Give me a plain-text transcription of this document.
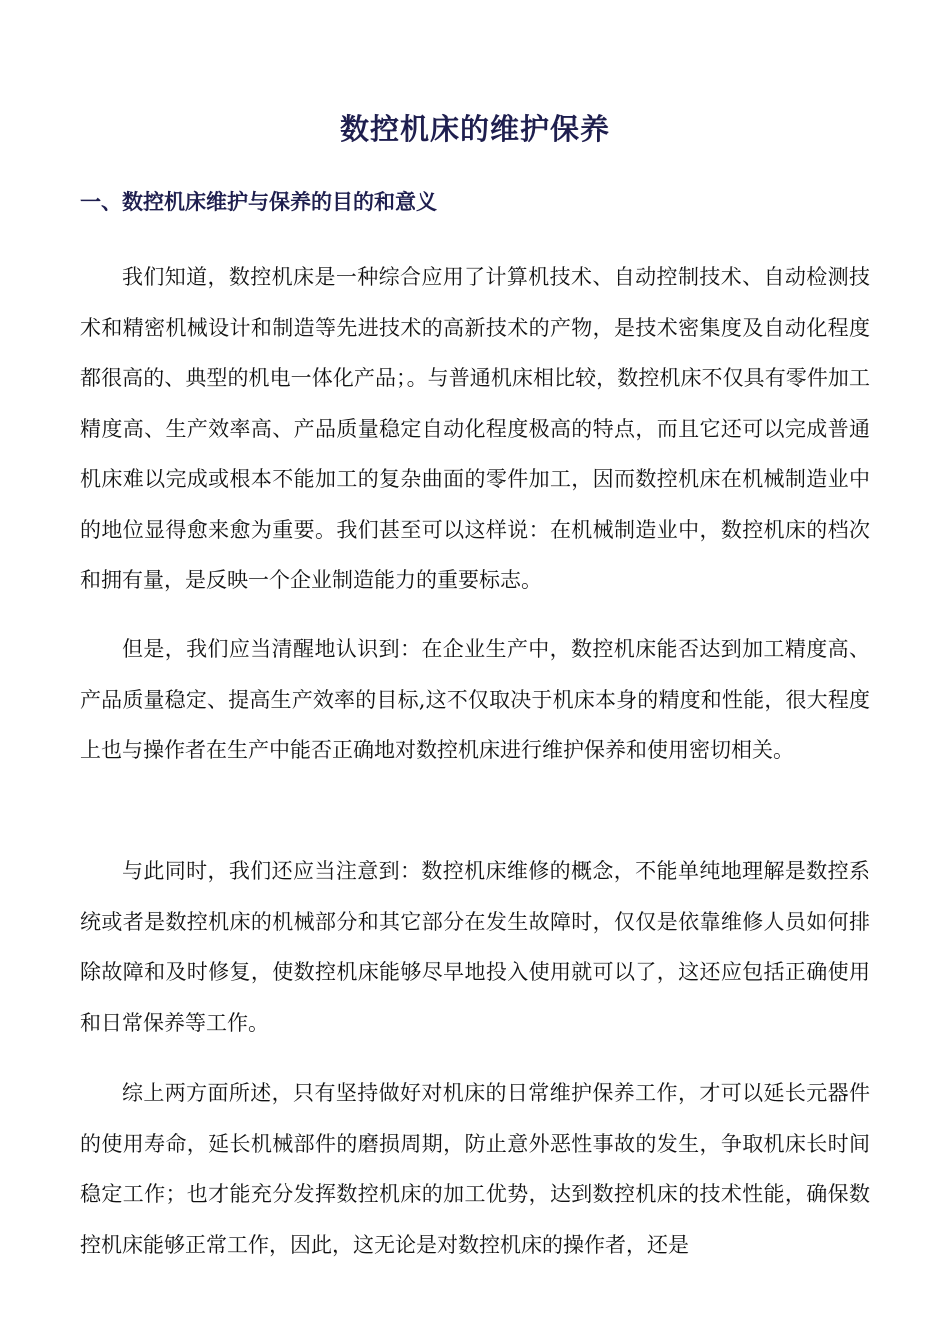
数控机床的维护保养
一、数控机床维护与保养的目的和意义

我们知道，数控机床是一种综合应用了计算机技术、自动控制技术、自动检测技术和精密机械设计和制造等先进技术的高新技术的产物，是技术密集度及自动化程度都很高的、典型的机电一体化产品；。与普通机床相比较，数控机床不仅具有零件加工精度高、生产效率高、产品质量稳定自动化程度极高的特点，而且它还可以完成普通机床难以完成或根本不能加工的复杂曲面的零件加工，因而数控机床在机械制造业中的地位显得愈来愈为重要。我们甚至可以这样说：在机械制造业中，数控机床的档次和拥有量，是反映一个企业制造能力的重要标志。

但是，我们应当清醒地认识到：在企业生产中，数控机床能否达到加工精度高、产品质量稳定、提高生产效率的目标,这不仅取决于机床本身的精度和性能，很大程度上也与操作者在生产中能否正确地对数控机床进行维护保养和使用密切相关。

与此同时，我们还应当注意到：数控机床维修的概念，不能单纯地理解是数控系统或者是数控机床的机械部分和其它部分在发生故障时，仅仅是依靠维修人员如何排除故障和及时修复，使数控机床能够尽早地投入使用就可以了，这还应包括正确使用和日常保养等工作。

综上两方面所述，只有坚持做好对机床的日常维护保养工作，才可以延长元器件的使用寿命，延长机械部件的磨损周期，防止意外恶性事故的发生，争取机床长时间稳定工作；也才能充分发挥数控机床的加工优势，达到数控机床的技术性能，确保数控机床能够正常工作，因此，这无论是对数控机床的操作者，还是
